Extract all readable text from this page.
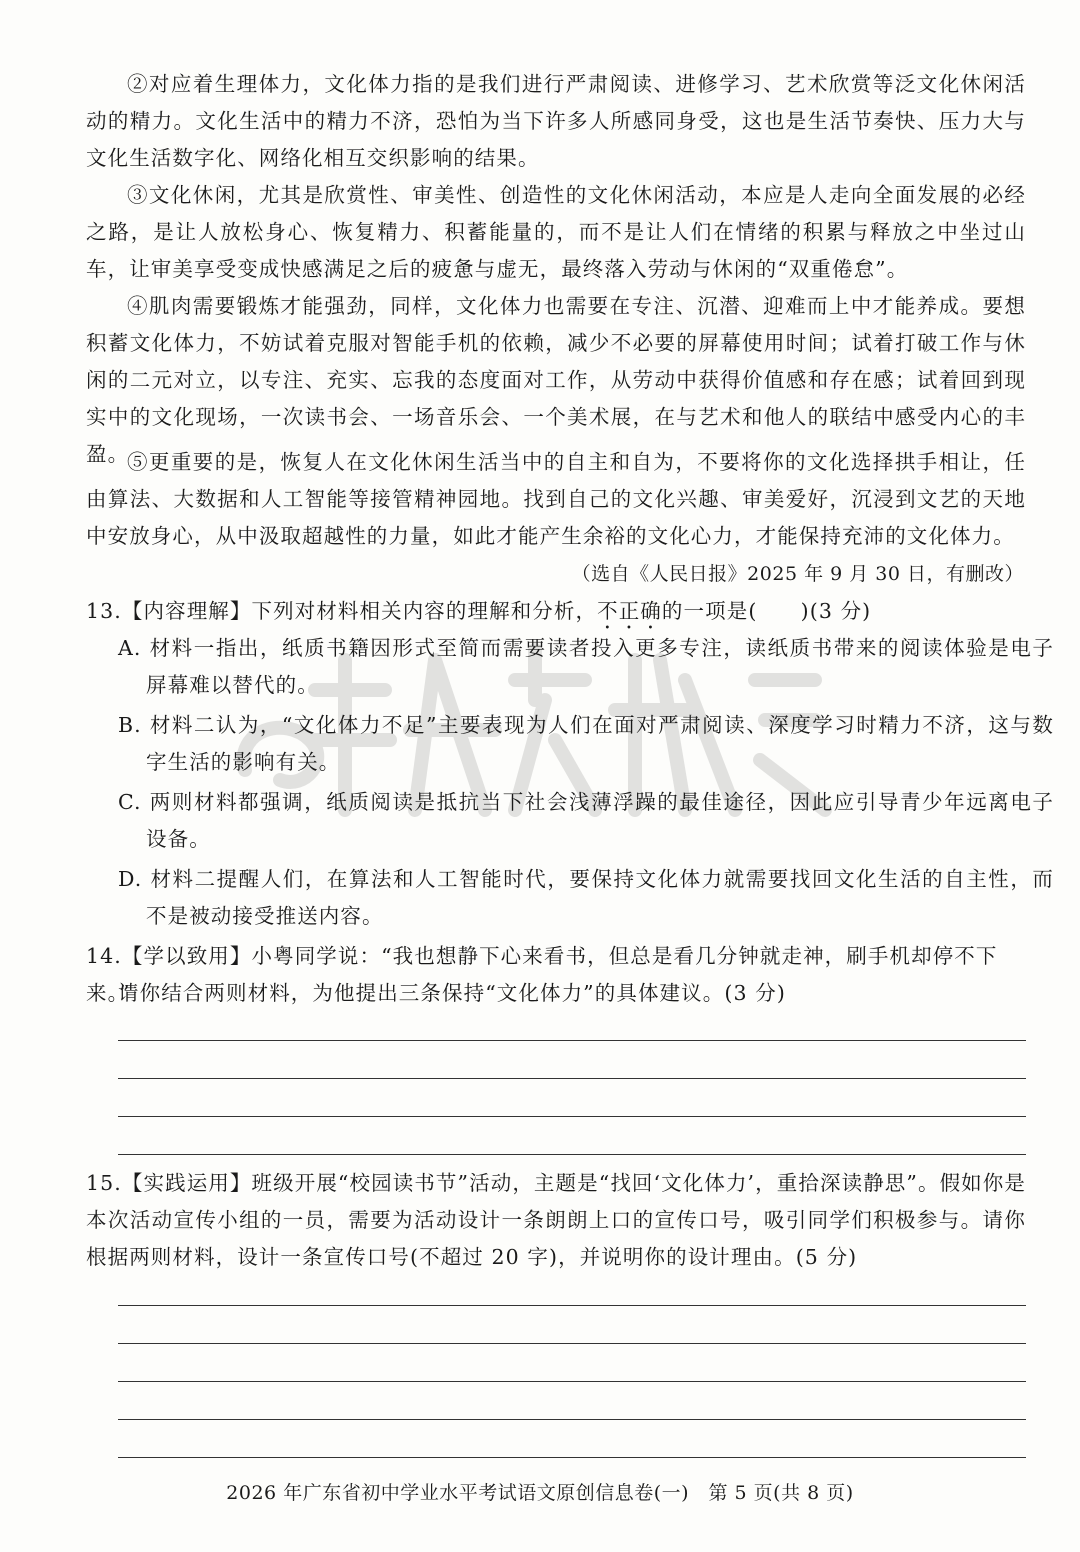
②对应着生理体力，文化体力指的是我们进行严肃阅读、进修学习、艺术欣赏等泛文化休闲活动的精力。文化生活中的精力不济，恐怕为当下许多人所感同身受，这也是生活节奏快、压力大与文化生活数字化、网络化相互交织影响的结果。

③文化休闲，尤其是欣赏性、审美性、创造性的文化休闲活动，本应是人走向全面发展的必经之路，是让人放松身心、恢复精力、积蓄能量的，而不是让人们在情绪的积累与释放之中坐过山车，让审美享受变成快感满足之后的疲惫与虚无，最终落入劳动与休闲的“双重倦怠”。

④肌肉需要锻炼才能强劲，同样，文化体力也需要在专注、沉潜、迎难而上中才能养成。要想积蓄文化体力，不妨试着克服对智能手机的依赖，减少不必要的屏幕使用时间；试着打破工作与休闲的二元对立，以专注、充实、忘我的态度面对工作，从劳动中获得价值感和存在感；试着回到现实中的文化现场，一次读书会、一场音乐会、一个美术展，在与艺术和他人的联结中感受内心的丰盈。

⑤更重要的是，恢复人在文化休闲生活当中的自主和自为，不要将你的文化选择拱手相让，任由算法、大数据和人工智能等接管精神园地。找到自己的文化兴趣、审美爱好，沉浸到文艺的天地中安放身心，从中汲取超越性的力量，如此才能产生余裕的文化心力，才能保持充沛的文化体力。

（选自《人民日报》2025 年 9 月 30 日，有删改）

13.【内容理解】下列对材料相关内容的理解和分析，不正确的一项是(　　)(3 分)

A. 材料一指出，纸质书籍因形式至简而需要读者投入更多专注，读纸质书带来的阅读体验是电子屏幕难以替代的。

B. 材料二认为，“文化体力不足”主要表现为人们在面对严肃阅读、深度学习时精力不济，这与数字生活的影响有关。

C. 两则材料都强调，纸质阅读是抵抗当下社会浅薄浮躁的最佳途径，因此应引导青少年远离电子设备。

D. 材料二提醒人们，在算法和人工智能时代，要保持文化体力就需要找回文化生活的自主性，而不是被动接受推送内容。

14.【学以致用】小粤同学说：“我也想静下心来看书，但总是看几分钟就走神，刷手机却停不下来。”

请你结合两则材料，为他提出三条保持“文化体力”的具体建议。(3 分)

15.【实践运用】班级开展“校园读书节”活动，主题是“找回‘文化体力’，重拾深读静思”。假如你是本次活动宣传小组的一员，需要为活动设计一条朗朗上口的宣传口号，吸引同学们积极参与。请你根据两则材料，设计一条宣传口号(不超过 20 字)，并说明你的设计理由。(5 分)

2026 年广东省初中学业水平考试语文原创信息卷(一)　第 5 页(共 8 页)
